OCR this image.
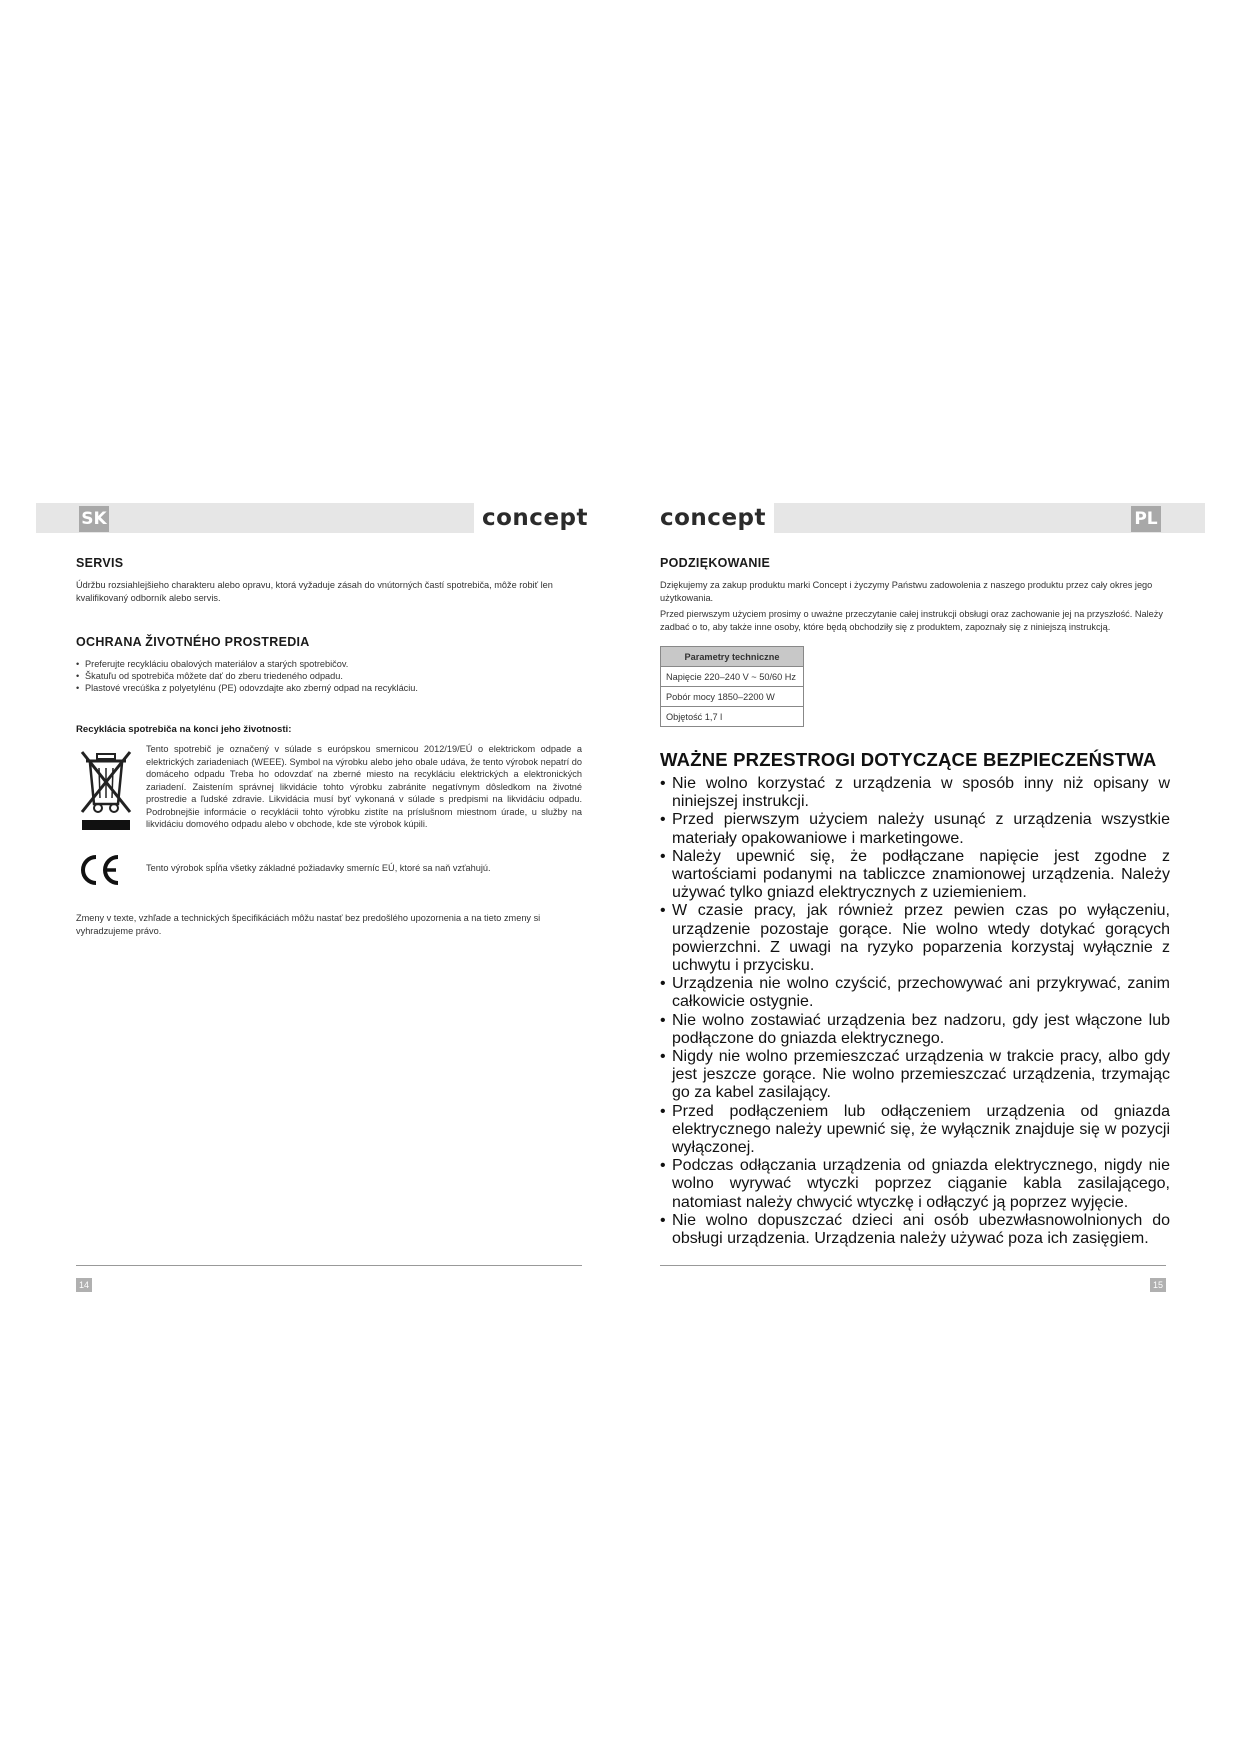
SK	PL
concept	concept
SERVIS

Údržbu rozsiahlejšieho charakteru alebo opravu, ktorá vyžaduje zásah do vnútorných častí spotrebiča, môže robiť len kvalifikovaný odborník alebo servis.

OCHRANA ŽIVOTNÉHO PROSTREDIA
• Preferujte recykláciu obalových materiálov a starých spotrebičov.
• Škatuľu od spotrebiča môžete dať do zberu triedeného odpadu.
• Plastové vrecúška z polyetylénu (PE) odovzdajte ako zberný odpad na recykláciu.
Recyklácia spotrebiča na konci jeho životnosti:

Tento spotrebič je označený v súlade s európskou smernicou 2012/19/EÚ o elektrickom odpade a elektrických zariadeniach (WEEE). Symbol na výrobku alebo jeho obale udáva, že tento výrobok nepatrí do domáceho odpadu Treba ho odovzdať na zberné miesto na recykláciu elektrických a elektronických zariadení. Zaistením správnej likvidácie tohto výrobku zabránite negatívnym dôsledkom na životné prostredie a ľudské zdravie. Likvidácia musí byť vykonaná v súlade s predpismi na likvidáciu odpadu. Podrobnejšie informácie o recyklácii tohto výrobku zistíte na príslušnom miestnom úrade, u služby na likvidáciu domového odpadu alebo v obchode, kde ste výrobok kúpili.

Tento výrobok spĺňa všetky základné požiadavky smerníc EÚ, ktoré sa naň vzťahujú.

Zmeny v texte, vzhľade a technických špecifikáciách môžu nastať bez predošlého upozornenia a na tieto zmeny si vyhradzujeme právo.

PODZIĘKOWANIE

Dziękujemy za zakup produktu marki Concept i życzymy Państwu zadowolenia z naszego produktu przez cały okres jego użytkowania.

Przed pierwszym użyciem prosimy o uważne przeczytanie całej instrukcji obsługi oraz zachowanie jej na przyszłość. Należy zadbać o to, aby także inne osoby, które będą obchodziły się z produktem, zapoznały się z niniejszą instrukcją.

Parametry techniczne
Napięcie 220–240 V ~ 50/60 Hz
Pobór mocy 1850–2200 W
Objętość 1,7 l
WAŻNE PRZESTROGI DOTYCZĄCE BEZPIECZEŃSTWA
• Nie wolno korzystać z urządzenia w sposób inny niż opisany w niniejszej instrukcji.
• Przed pierwszym użyciem należy usunąć z urządzenia wszystkie materiały opakowaniowe i marketingowe.
• Należy upewnić się, że podłączane napięcie jest zgodne z wartościami podanymi na tabliczce znamionowej urządzenia. Należy używać tylko gniazd elektrycznych z uziemieniem.
• W czasie pracy, jak również przez pewien czas po wyłączeniu, urządzenie pozostaje gorące. Nie wolno wtedy dotykać gorących powierzchni. Z uwagi na ryzyko poparzenia korzystaj wyłącznie z uchwytu i przycisku.
• Urządzenia nie wolno czyścić, przechowywać ani przykrywać, zanim całkowicie ostygnie.
• Nie wolno zostawiać urządzenia bez nadzoru, gdy jest włączone lub podłączone do gniazda elektrycznego.
• Nigdy nie wolno przemieszczać urządzenia w trakcie pracy, albo gdy jest jeszcze gorące. Nie wolno przemieszczać urządzenia, trzymając go za kabel zasilający.
• Przed podłączeniem lub odłączeniem urządzenia od gniazda elektrycznego należy upewnić się, że wyłącznik znajduje się w pozycji wyłączonej.
• Podczas odłączania urządzenia od gniazda elektrycznego, nigdy nie wolno wyrywać wtyczki poprzez ciąganie kabla zasilającego, natomiast należy chwycić wtyczkę i odłączyć ją poprzez wyjęcie.
• Nie wolno dopuszczać dzieci ani osób ubezwłasnowolnionych do obsługi urządzenia. Urządzenia należy używać poza ich zasięgiem.
14	15
